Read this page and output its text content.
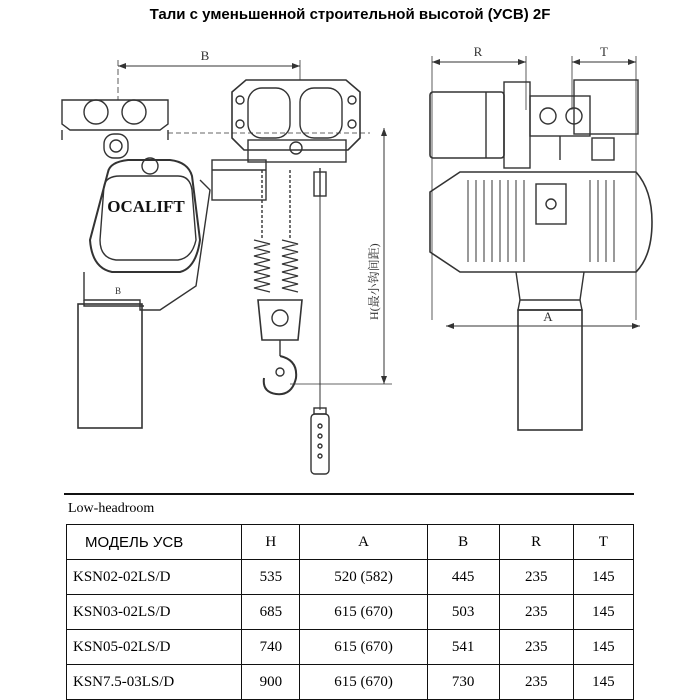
Тали с уменьшенной строительной высотой (УСВ) 2F
B
OCALIFT
B	H(最小钩间距)
R	T
A
Low-headroom
МОДЕЛЬ УСВ	H	A	B	R	T
KSN02-02LS/D	535	520 (582)	445	235	145
KSN03-02LS/D	685	615 (670)	503	235	145
KSN05-02LS/D	740	615 (670)	541	235	145
KSN7.5-03LS/D	900	615 (670)	730	235	145
